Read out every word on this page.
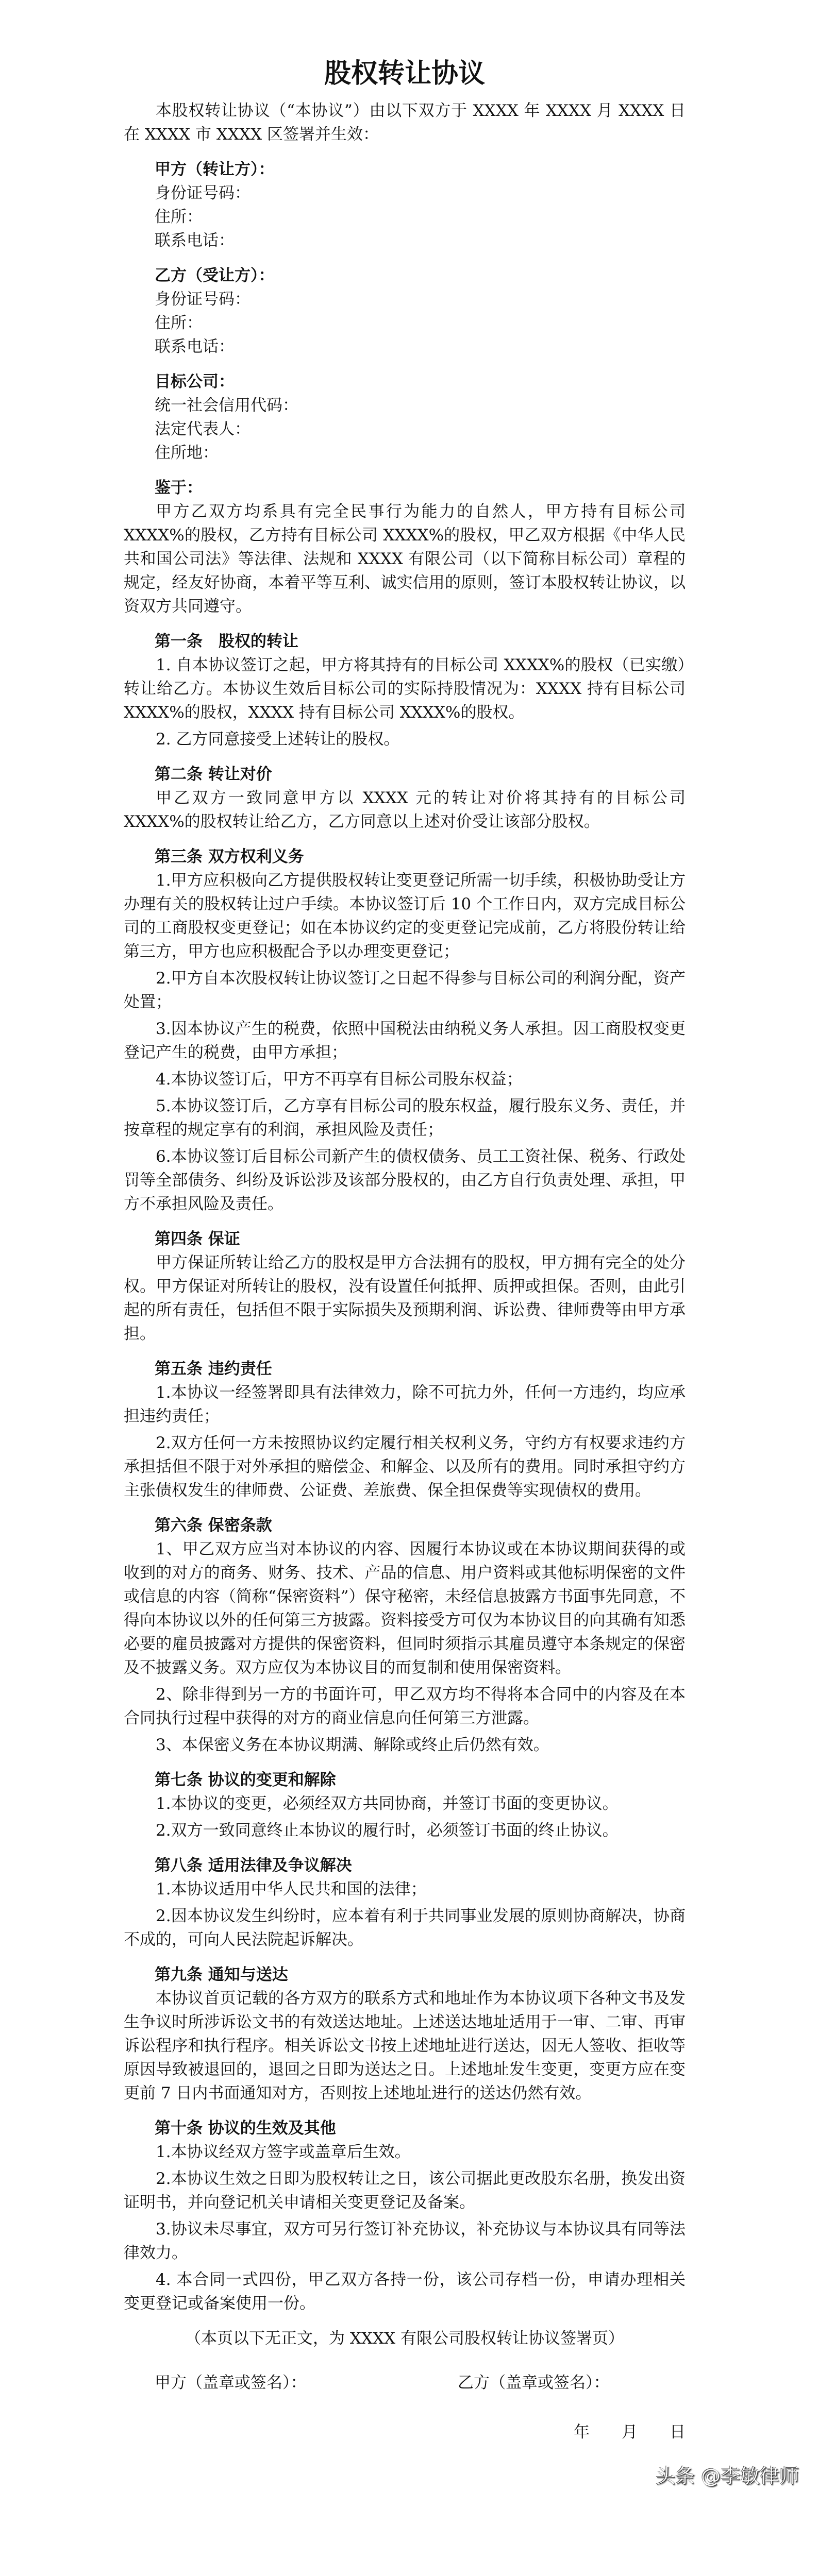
股权转让协议
本股权转让协议（“本协议”）由以下双方于 XXXX 年 XXXX 月 XXXX 日在 XXXX 市 XXXX 区签署并生效：
甲方（转让方）：
身份证号码：
住所：
联系电话：
乙方（受让方）：
身份证号码：
住所：
联系电话：
目标公司：
统一社会信用代码：
法定代表人：
住所地：
鉴于：
甲方乙双方均系具有完全民事行为能力的自然人，甲方持有目标公司 XXXX%的股权，乙方持有目标公司 XXXX%的股权，甲乙双方根据《中华人民共和国公司法》等法律、法规和 XXXX 有限公司（以下简称目标公司）章程的规定，经友好协商，本着平等互利、诚实信用的原则，签订本股权转让协议，以资双方共同遵守。
第一条　股权的转让
1. 自本协议签订之起，甲方将其持有的目标公司 XXXX%的股权（已实缴）转让给乙方。本协议生效后目标公司的实际持股情况为：XXXX 持有目标公司 XXXX%的股权，XXXX 持有目标公司 XXXX%的股权。
2. 乙方同意接受上述转让的股权。
第二条 转让对价
甲乙双方一致同意甲方以 XXXX 元的转让对价将其持有的目标公司 XXXX%的股权转让给乙方，乙方同意以上述对价受让该部分股权。
第三条 双方权利义务
1.甲方应积极向乙方提供股权转让变更登记所需一切手续，积极协助受让方办理有关的股权转让过户手续。本协议签订后 10 个工作日内，双方完成目标公司的工商股权变更登记；如在本协议约定的变更登记完成前，乙方将股份转让给第三方，甲方也应积极配合予以办理变更登记；
2.甲方自本次股权转让协议签订之日起不得参与目标公司的利润分配，资产处置；
3.因本协议产生的税费，依照中国税法由纳税义务人承担。因工商股权变更登记产生的税费，由甲方承担；
4.本协议签订后，甲方不再享有目标公司股东权益；
5.本协议签订后，乙方享有目标公司的股东权益，履行股东义务、责任，并按章程的规定享有的利润，承担风险及责任；
6.本协议签订后目标公司新产生的债权债务、员工工资社保、税务、行政处罚等全部债务、纠纷及诉讼涉及该部分股权的，由乙方自行负责处理、承担，甲方不承担风险及责任。
第四条 保证
甲方保证所转让给乙方的股权是甲方合法拥有的股权，甲方拥有完全的处分权。甲方保证对所转让的股权，没有设置任何抵押、质押或担保。否则，由此引起的所有责任，包括但不限于实际损失及预期利润、诉讼费、律师费等由甲方承担。
第五条 违约责任
1.本协议一经签署即具有法律效力，除不可抗力外，任何一方违约，均应承担违约责任；
2.双方任何一方未按照协议约定履行相关权利义务，守约方有权要求违约方承担括但不限于对外承担的赔偿金、和解金、以及所有的费用。同时承担守约方主张债权发生的律师费、公证费、差旅费、保全担保费等实现债权的费用。
第六条 保密条款
1、甲乙双方应当对本协议的内容、因履行本协议或在本协议期间获得的或收到的对方的商务、财务、技术、产品的信息、用户资料或其他标明保密的文件或信息的内容（简称“保密资料”）保守秘密，未经信息披露方书面事先同意，不得向本协议以外的任何第三方披露。资料接受方可仅为本协议目的向其确有知悉必要的雇员披露对方提供的保密资料，但同时须指示其雇员遵守本条规定的保密及不披露义务。双方应仅为本协议目的而复制和使用保密资料。
2、除非得到另一方的书面许可，甲乙双方均不得将本合同中的内容及在本合同执行过程中获得的对方的商业信息向任何第三方泄露。
3、本保密义务在本协议期满、解除或终止后仍然有效。
第七条 协议的变更和解除
1.本协议的变更，必须经双方共同协商，并签订书面的变更协议。
2.双方一致同意终止本协议的履行时，必须签订书面的终止协议。
第八条 适用法律及争议解决
1.本协议适用中华人民共和国的法律；
2.因本协议发生纠纷时，应本着有利于共同事业发展的原则协商解决，协商不成的，可向人民法院起诉解决。
第九条 通知与送达
本协议首页记载的各方双方的联系方式和地址作为本协议项下各种文书及发生争议时所涉诉讼文书的有效送达地址。上述送达地址适用于一审、二审、再审诉讼程序和执行程序。相关诉讼文书按上述地址进行送达，因无人签收、拒收等原因导致被退回的，退回之日即为送达之日。上述地址发生变更，变更方应在变更前 7 日内书面通知对方，否则按上述地址进行的送达仍然有效。
第十条 协议的生效及其他
1.本协议经双方签字或盖章后生效。
2.本协议生效之日即为股权转让之日，该公司据此更改股东名册，换发出资证明书，并向登记机关申请相关变更登记及备案。
3.协议未尽事宜，双方可另行签订补充协议，补充协议与本协议具有同等法律效力。
4. 本合同一式四份，甲乙双方各持一份，该公司存档一份，申请办理相关变更登记或备案使用一份。
（本页以下无正文，为 XXXX 有限公司股权转让协议签署页）
甲方（盖章或签名）：	乙方（盖章或签名）：
年 月 日
头条 @李敏律师
